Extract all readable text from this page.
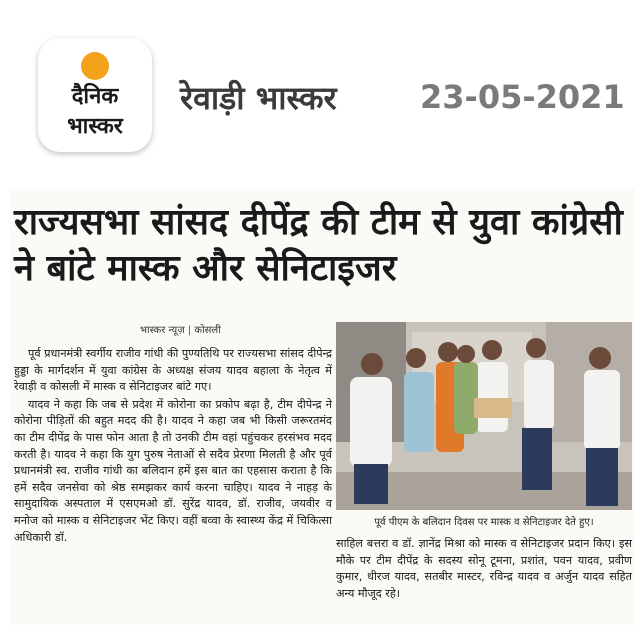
दैनिक
भास्कर
रेवाड़ी भास्कर	23-05-2021
राज्यसभा सांसद दीपेंद्र की टीम से युवा कांग्रेसी ने बांटे मास्क और सेनिटाइजर
भास्कर न्यूज़ | कोसली

पूर्व प्रधानमंत्री स्वर्गीय राजीव गांधी की पुण्यतिथि पर राज्यसभा सांसद दीपेन्द्र हुड्डा के मार्गदर्शन में युवा कांग्रेस के अध्यक्ष संजय यादव बहाला के नेतृत्व में रेवाड़ी व कोसली में मास्क व सेनिटाइजर बांटे गए।

यादव ने कहा कि जब से प्रदेश में कोरोना का प्रकोप बढ़ा है, टीम दीपेन्द्र ने कोरोना पीड़ितों की बहुत मदद की है। यादव ने कहा जब भी किसी जरूरतमंद का टीम दीपेंद्र के पास फोन आता है तो उनकी टीम वहां पहुंचकर हरसंभव मदद करती है। यादव ने कहा कि युग पुरुष नेताओं से सदैव प्रेरणा मिलती है और पूर्व प्रधानमंत्री स्व. राजीव गांधी का बलिदान हमें इस बात का एहसास कराता है कि हमें सदैव जनसेवा को श्रेष्ठ समझकर कार्य करना चाहिए। यादव ने नाहड़ के सामुदायिक अस्पताल में एसएमओ डॉ. सुरेंद्र यादव, डॉ. राजीव, जयवीर व मनोज को मास्क व सेनिटाइजर भेंट किए। वहीं बव्वा के स्वास्थ्य केंद्र में चिकित्सा अधिकारी डॉ.

पूर्व पीएम के बलिदान दिवस पर मास्क व सेनिटाइजर देते हुए।
साहिल बत्तरा व डॉ. ज्ञानेंद्र मिश्रा को मास्क व सेनिटाइजर प्रदान किए। इस मौके पर टीम दीपेंद्र के सदस्य सोनू टूमना, प्रशांत, पवन यादव, प्रवीण कुमार, धीरज यादव, सतबीर मास्टर, रविन्द्र यादव व अर्जुन यादव सहित अन्य मौजूद रहे।
